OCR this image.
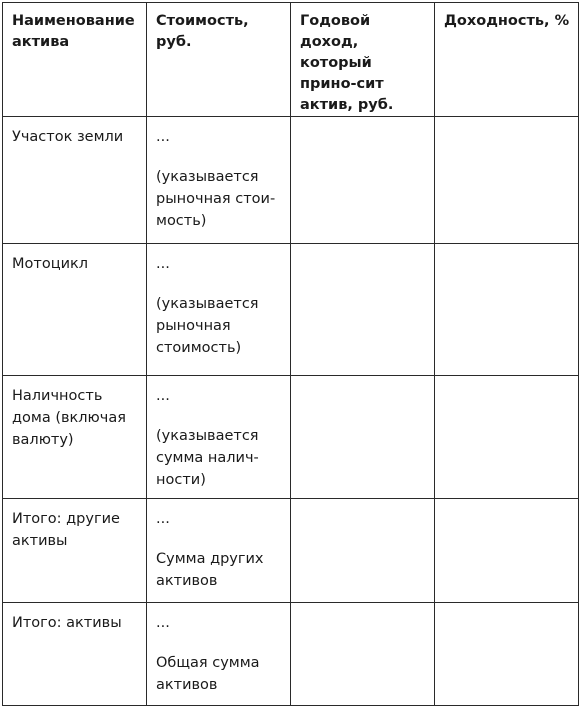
Наименование актива	Стоимость, руб.	Годовой доход, который прино-сит актив, руб.	Доходность, %
Участок земли	...
(указывается рыночная стои-мость)		

Мотоцикл	...
(указывается рыночная стоимость)		

Наличность дома (включая валюту)	...
(указывается сумма налич-ности)		

Итого: другие активы	...
Сумма других активов		

Итого: активы	...
Общая сумма активов		
